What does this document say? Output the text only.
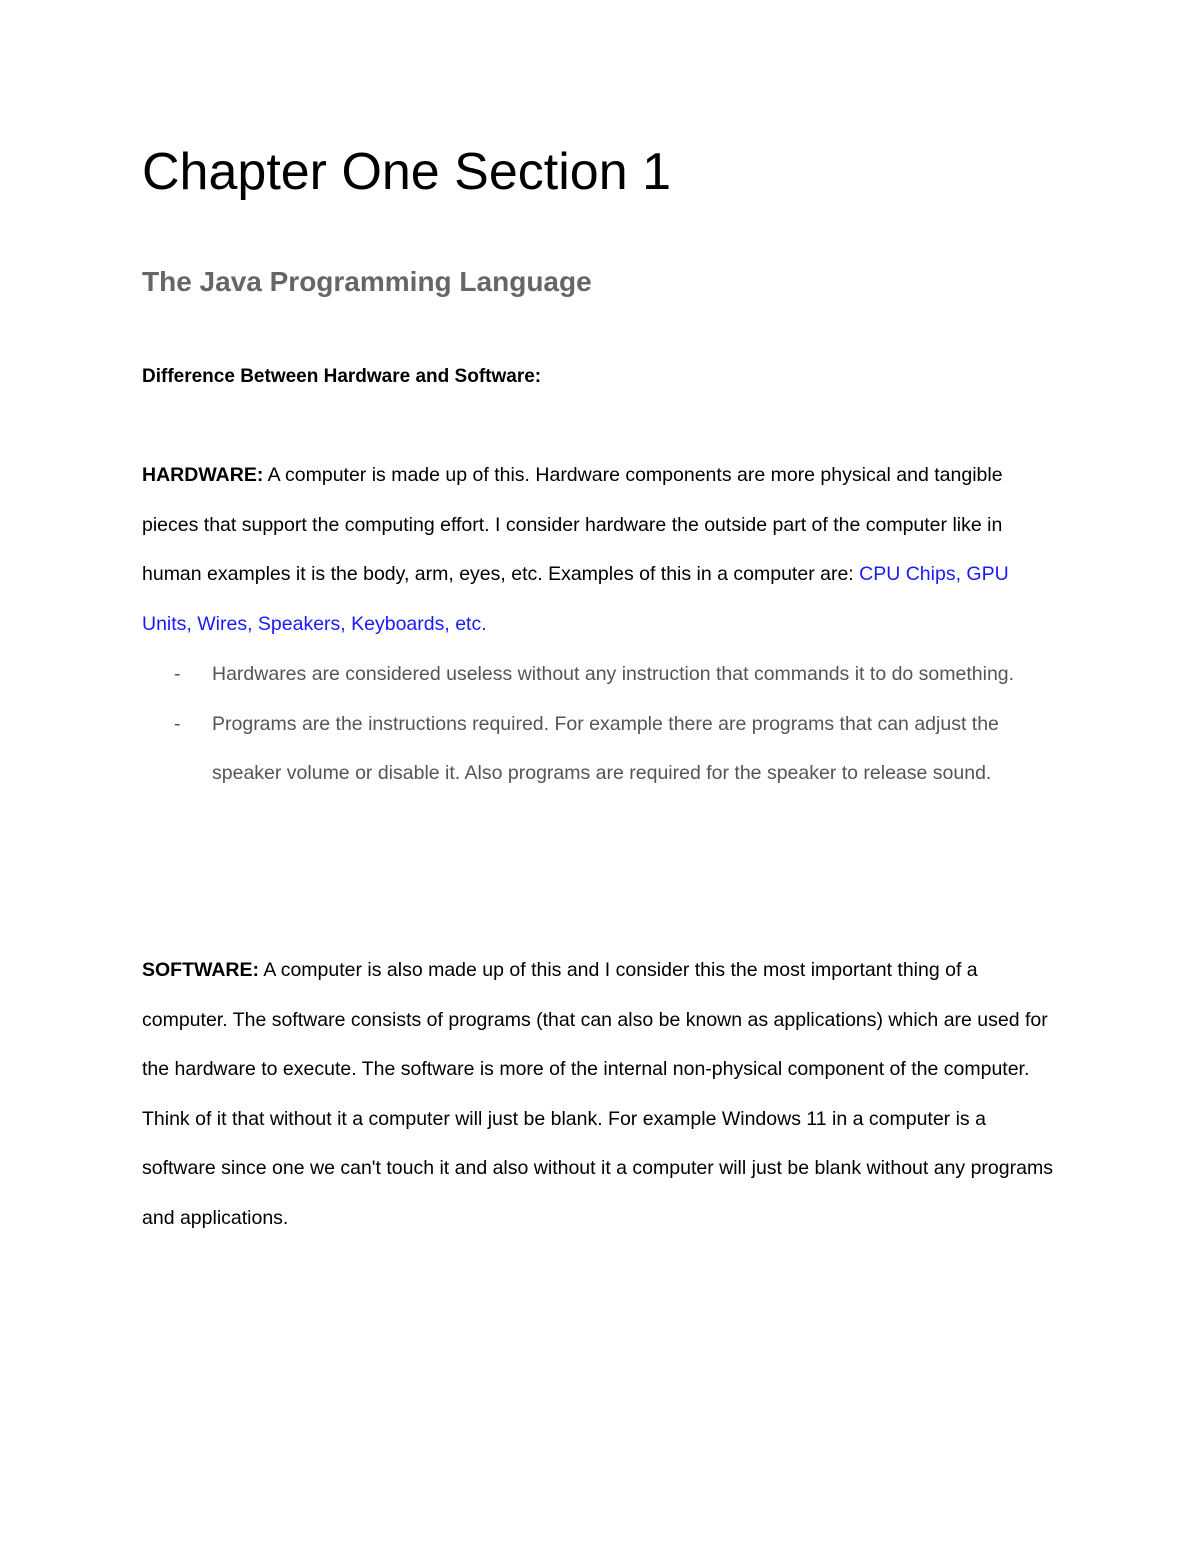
Chapter One Section 1
The Java Programming Language

Difference Between Hardware and Software:

HARDWARE: A computer is made up of this. Hardware components are more physical and tangible pieces that support the computing effort. I consider hardware the outside part of the computer like in human examples it is the body, arm, eyes, etc. Examples of this in a computer are: CPU Chips, GPU Units, Wires, Speakers, Keyboards, etc.

- Hardwares are considered useless without any instruction that commands it to do something.
- Programs are the instructions required. For example there are programs that can adjust the speaker volume or disable it. Also programs are required for the speaker to release sound.

SOFTWARE: A computer is also made up of this and I consider this the most important thing of a computer. The software consists of programs (that can also be known as applications) which are used for the hardware to execute. The software is more of the internal non-physical component of the computer. Think of it that without it a computer will just be blank. For example Windows 11 in a computer is a software since one we can't touch it and also without it a computer will just be blank without any programs and applications.
